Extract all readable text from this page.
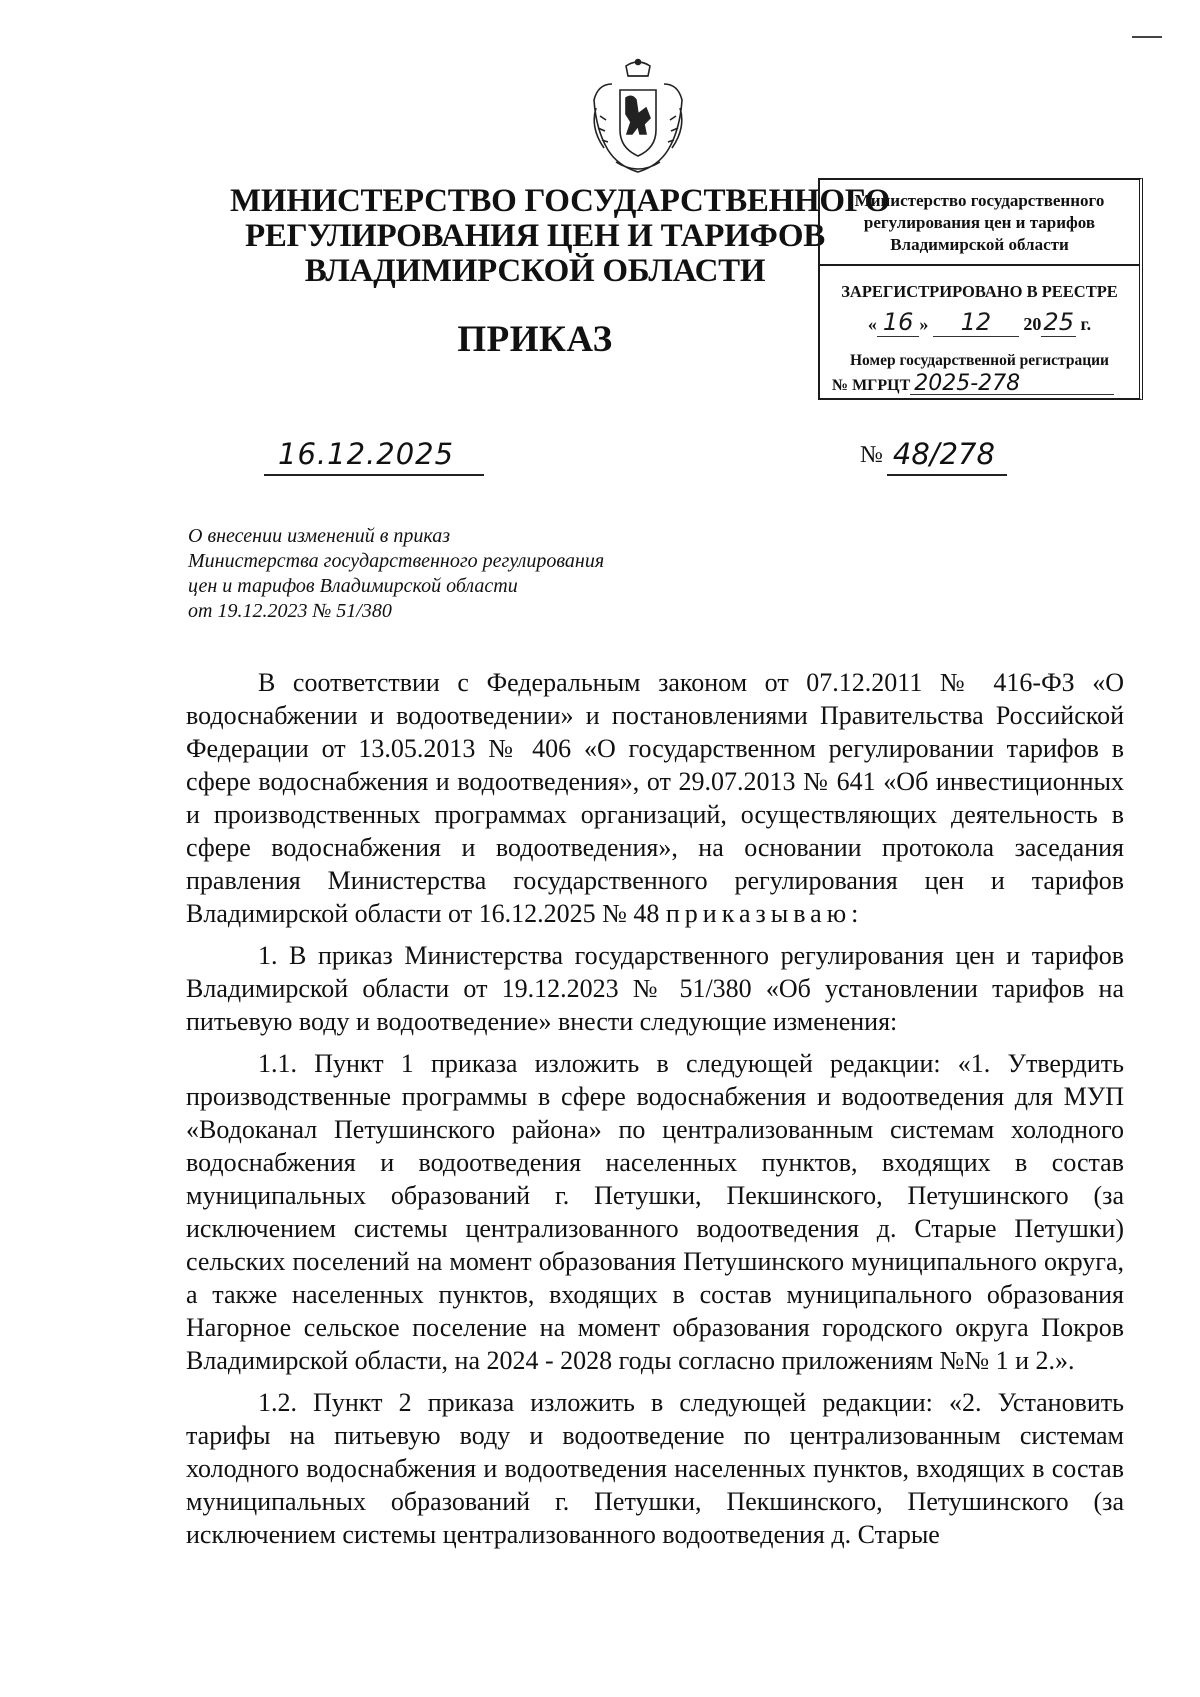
МИНИСТЕРСТВО ГОСУДАРСТВЕННОГО
РЕГУЛИРОВАНИЯ ЦЕН И ТАРИФОВ
ВЛАДИМИРСКОЙ ОБЛАСТИ
ПРИКАЗ
Министерство государственного
регулирования цен и тарифов
Владимирской области
ЗАРЕГИСТРИРОВАНО В РЕЕСТРЕ
« 16 » 12 2025 г.
Номер государственной регистрации
№ МГРЦТ 2025-278
16.12.2025	№ 48/278
О внесении изменений в приказ
Министерства государственного регулирования
цен и тарифов Владимирской области
от 19.12.2023 № 51/380

В соответствии с Федеральным законом от 07.12.2011 № 416-ФЗ «О водоснабжении и водоотведении» и постановлениями Правительства Российской Федерации от 13.05.2013 № 406 «О государственном регулировании тарифов в сфере водоснабжения и водоотведения», от 29.07.2013 № 641 «Об инвестиционных и производственных программах организаций, осуществляющих деятельность в сфере водоснабжения и водоотведения», на основании протокола заседания правления Министерства государственного регулирования цен и тарифов Владимирской области от 16.12.2025 № 48 приказываю:

1. В приказ Министерства государственного регулирования цен и тарифов Владимирской области от 19.12.2023 № 51/380 «Об установлении тарифов на питьевую воду и водоотведение» внести следующие изменения:

1.1. Пункт 1 приказа изложить в следующей редакции: «1. Утвердить производственные программы в сфере водоснабжения и водоотведения для МУП «Водоканал Петушинского района» по централизованным системам холодного водоснабжения и водоотведения населенных пунктов, входящих в состав муниципальных образований г. Петушки, Пекшинского, Петушинского (за исключением системы централизованного водоотведения д. Старые Петушки) сельских поселений на момент образования Петушинского муниципального округа, а также населенных пунктов, входящих в состав муниципального образования Нагорное сельское поселение на момент образования городского округа Покров Владимирской области, на 2024 - 2028 годы согласно приложениям №№ 1 и 2.».

1.2. Пункт 2 приказа изложить в следующей редакции: «2. Установить тарифы на питьевую воду и водоотведение по централизованным системам холодного водоснабжения и водоотведения населенных пунктов, входящих в состав муниципальных образований г. Петушки, Пекшинского, Петушинского (за исключением системы централизованного водоотведения д. Старые
